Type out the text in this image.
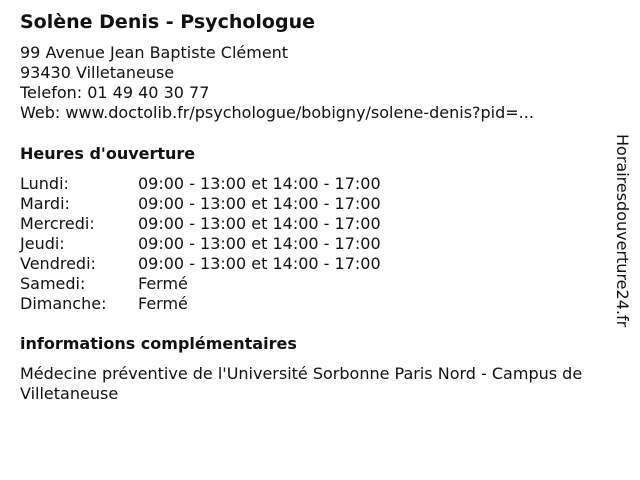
Solène Denis - Psychologue
99 Avenue Jean Baptiste Clément
93430 Villetaneuse
Telefon: 01 49 40 30 77
Web: www.doctolib.fr/psychologue/bobigny/solene-denis?pid=...
Heures d'ouverture
Lundi:	09:00 - 13:00 et 14:00 - 17:00
Mardi:	09:00 - 13:00 et 14:00 - 17:00
Mercredi:	09:00 - 13:00 et 14:00 - 17:00
Jeudi:	09:00 - 13:00 et 14:00 - 17:00
Vendredi:	09:00 - 13:00 et 14:00 - 17:00
Samedi:	Fermé
Dimanche: Fermé
informations complémentaires
Médecine préventive de l'Université Sorbonne Paris Nord - Campus de Villetaneuse
Horairesdouverture24.fr
